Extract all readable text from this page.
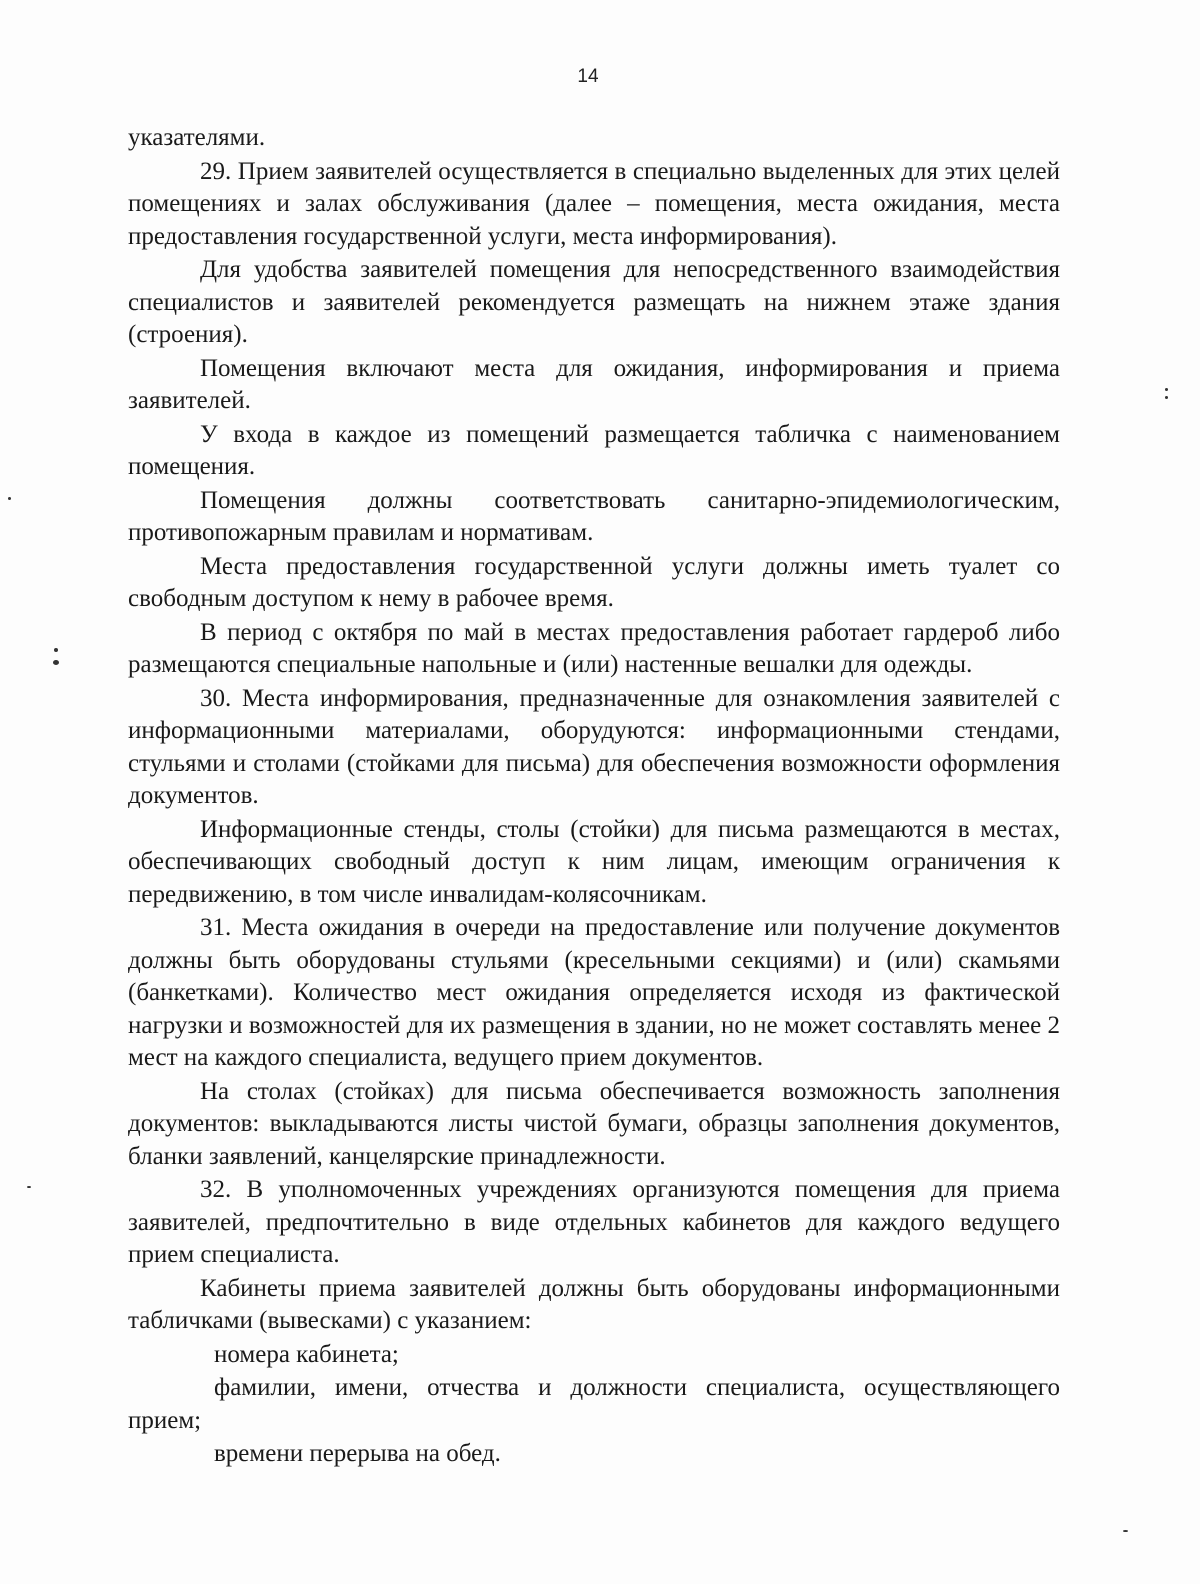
14

указателями.

29. Прием заявителей осуществляется в специально выделенных для этих целей помещениях и залах обслуживания (далее – помещения, места ожидания, места предоставления государственной услуги, места информирования).

Для удобства заявителей помещения для непосредственного взаимодействия специалистов и заявителей рекомендуется размещать на нижнем этаже здания (строения).

Помещения включают места для ожидания, информирования и приема заявителей.

У входа в каждое из помещений размещается табличка с наименованием помещения.

Помещения должны соответствовать санитарно-эпидемиологическим, противопожарным правилам и нормативам.

Места предоставления государственной услуги должны иметь туалет со свободным доступом к нему в рабочее время.

В период с октября по май в местах предоставления работает гардероб либо размещаются специальные напольные и (или) настенные вешалки для одежды.

30. Места информирования, предназначенные для ознакомления заявителей с информационными материалами, оборудуются: информационными стендами, стульями и столами (стойками для письма) для обеспечения возможности оформления документов.

Информационные стенды, столы (стойки) для письма размещаются в местах, обеспечивающих свободный доступ к ним лицам, имеющим ограничения к передвижению, в том числе инвалидам-колясочникам.

31. Места ожидания в очереди на предоставление или получение документов должны быть оборудованы стульями (кресельными секциями) и (или) скамьями (банкетками). Количество мест ожидания определяется исходя из фактической нагрузки и возможностей для их размещения в здании, но не может составлять менее 2 мест на каждого специалиста, ведущего прием документов.

На столах (стойках) для письма обеспечивается возможность заполнения документов: выкладываются листы чистой бумаги, образцы заполнения документов, бланки заявлений, канцелярские принадлежности.

32. В уполномоченных учреждениях организуются помещения для приема заявителей, предпочтительно в виде отдельных кабинетов для каждого ведущего прием специалиста.

Кабинеты приема заявителей должны быть оборудованы информационными табличками (вывесками) с указанием:

номера кабинета;

фамилии, имени, отчества и должности специалиста, осуществляющего прием;

времени перерыва на обед.
